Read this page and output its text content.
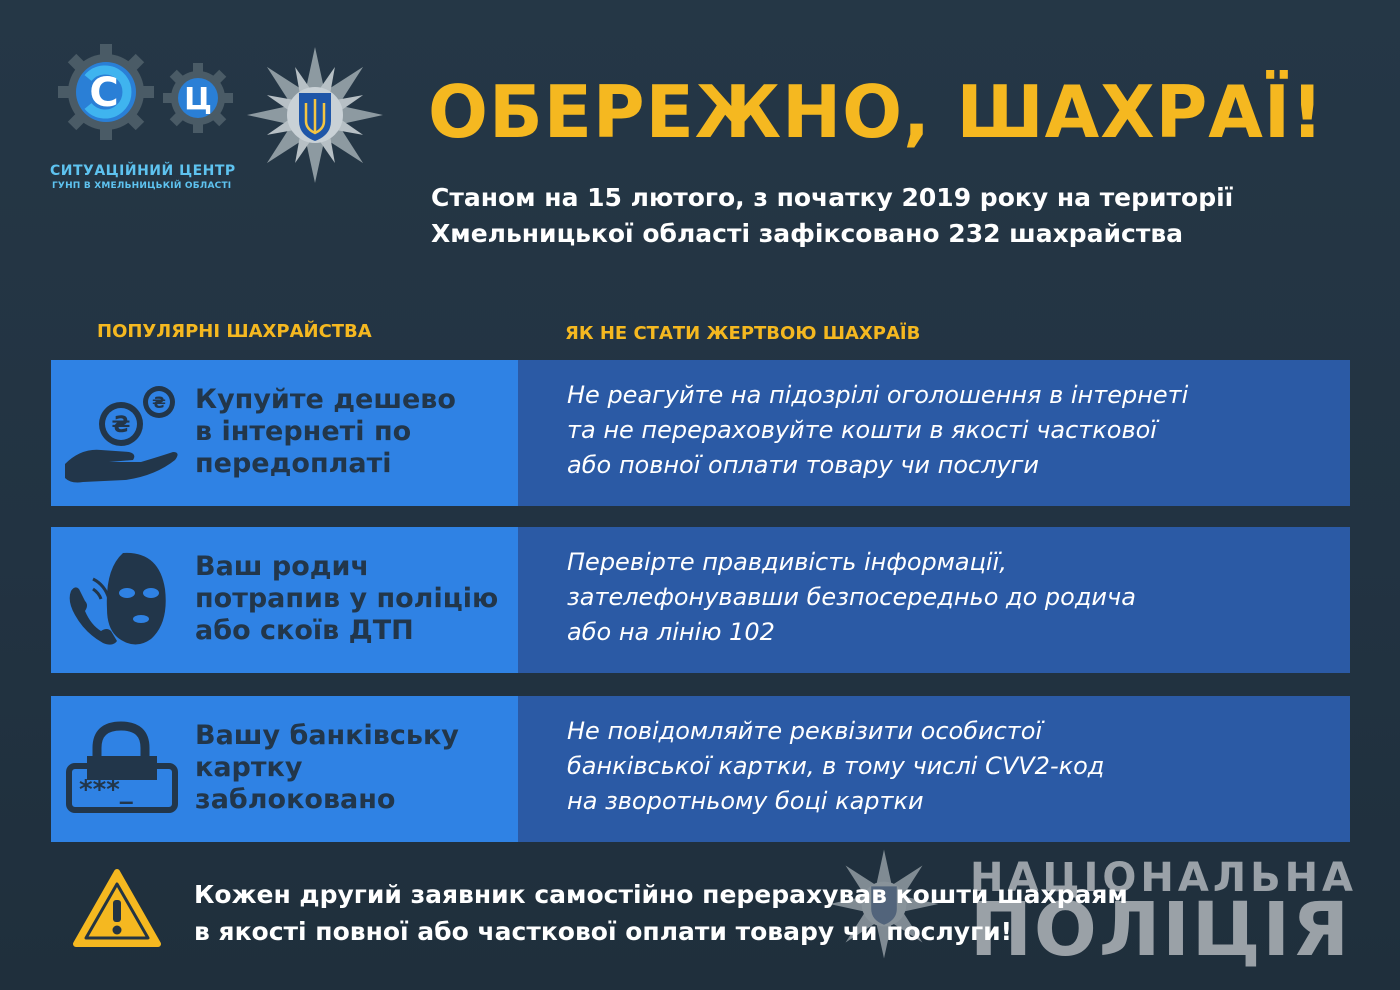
С Ц
СИТУАЦІЙНИЙ ЦЕНТР
ГУНП В ХМЕЛЬНИЦЬКІЙ ОБЛАСТІ
ОБЕРЕЖНО, ШАХРАЇ!
Станом на 15 лютого, з початку 2019 року на території
Хмельницької області зафіксовано 232 шахрайства
ПОПУЛЯРНІ ШАХРАЙСТВА	ЯК НЕ СТАТИ ЖЕРТВОЮ ШАХРАЇВ
₴
₴ Купуйте дешево
в інтернеті по
передоплаті
Не реагуйте на підозрілі оголошення в інтернеті
та не перераховуйте кошти в якості часткової
або повної оплати товару чи послуги
Ваш родич
потрапив у поліцію
або скоїв ДТП
Перевірте правдивість інформації,
зателефонувавши безпосередньо до родича
або на лінію 102
***_
Вашу банківську
картку
заблоковано
Не повідомляйте реквізити особистої
банківської картки, в тому числі CVV2-код
на зворотньому боці картки
НАЦІОНАЛЬНА
ПОЛІЦІЯ
Кожен другий заявник самостійно перерахував кошти шахраям
в якості повної або часткової оплати товару чи послуги!
